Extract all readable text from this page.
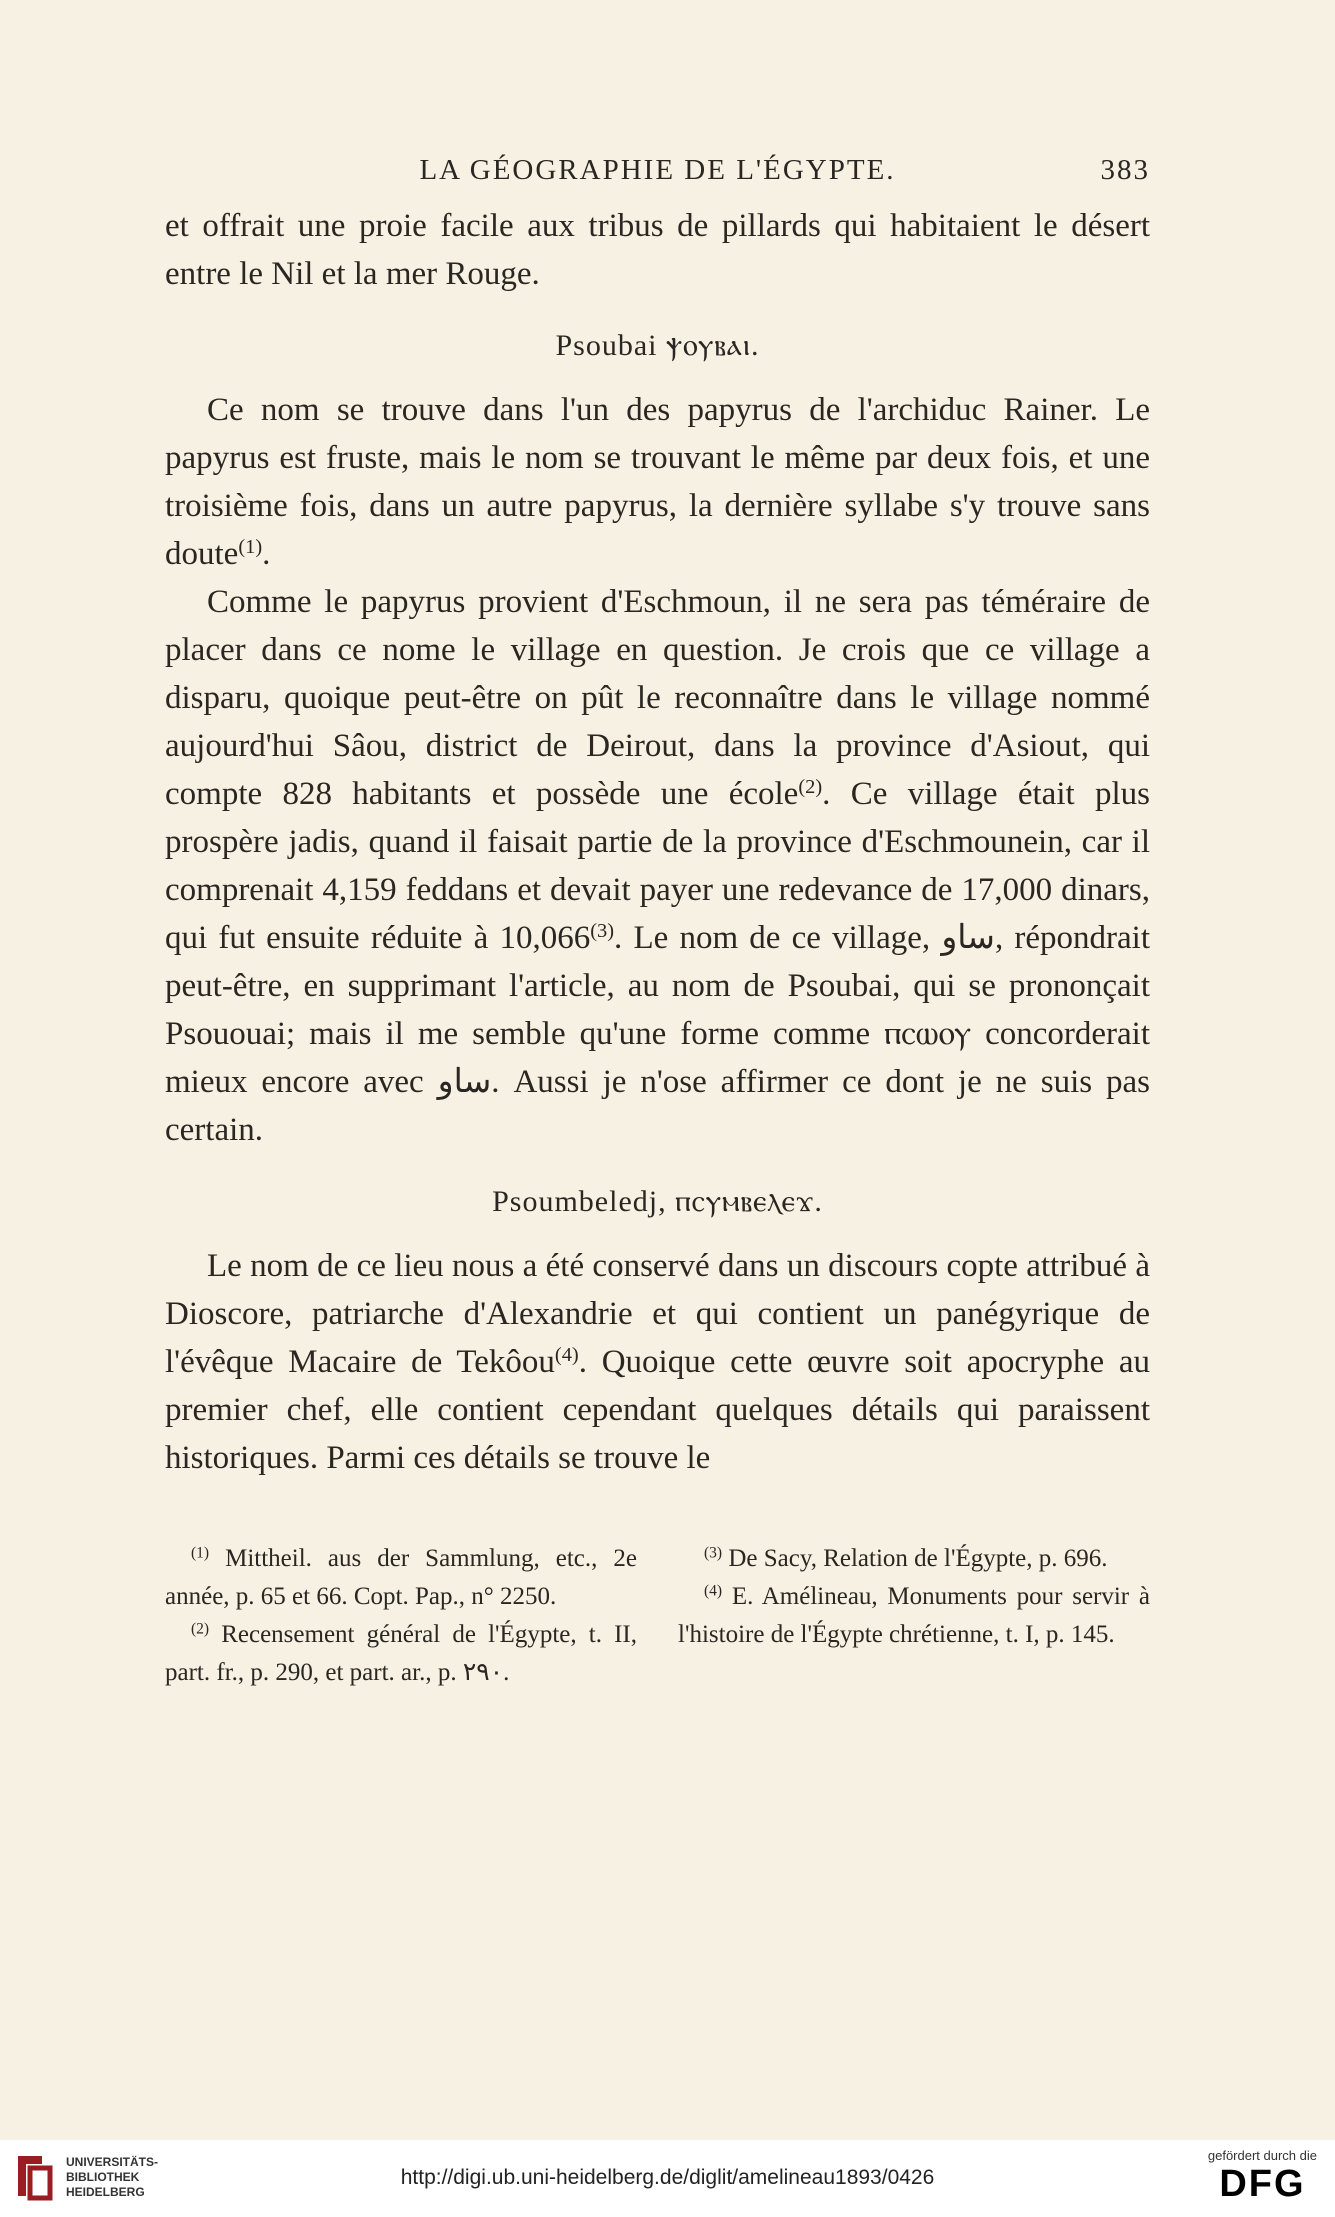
LA GÉOGRAPHIE DE L'ÉGYPTE.	383

et offrait une proie facile aux tribus de pillards qui habitaient le désert entre le Nil et la mer Rouge.

Psoubai ⲯⲟⲩⲃⲁⲓ.

Ce nom se trouve dans l'un des papyrus de l'archiduc Rainer. Le papyrus est fruste, mais le nom se trouvant le même par deux fois, et une troisième fois, dans un autre papyrus, la dernière syllabe s'y trouve sans doute$^{(1)}$.

Comme le papyrus provient d'Eschmoun, il ne sera pas téméraire de placer dans ce nome le village en question. Je crois que ce village a disparu, quoique peut-être on pût le reconnaître dans le village nommé aujourd'hui Sâou, district de Deirout, dans la province d'Asiout, qui compte 828 habitants et possède une école$^{(2)}$. Ce village était plus prospère jadis, quand il faisait partie de la province d'Eschmounein, car il comprenait 4,159 feddans et devait payer une redevance de 17,000 dinars, qui fut ensuite réduite à 10,066$^{(3)}$. Le nom de ce village, ساو, répondrait peut-être, en supprimant l'article, au nom de Psoubai, qui se prononçait Psououai; mais il me semble qu'une forme comme ⲡⲥⲱⲟⲩ concorderait mieux encore avec ساو. Aussi je n'ose affirmer ce dont je ne suis pas certain.

Psoumbeledj, ⲡⲥⲩⲙⲃⲉⲗⲉϫ.

Le nom de ce lieu nous a été conservé dans un discours copte attribué à Dioscore, patriarche d'Alexandrie et qui contient un panégyrique de l'évêque Macaire de Tekôou$^{(4)}$. Quoique cette œuvre soit apocryphe au premier chef, elle contient cependant quelques détails qui paraissent historiques. Parmi ces détails se trouve le

$^{(1)}$ Mittheil. aus der Sammlung, etc., 2e année, p. 65 et 66. Copt. Pap., n° 2250.

$^{(2)}$ Recensement général de l'Égypte, t. II, part. fr., p. 290, et part. ar., p. ٢٩٠.

$^{(3)}$ De Sacy, Relation de l'Égypte, p. 696.

$^{(4)}$ E. Amélineau, Monuments pour servir à l'histoire de l'Égypte chrétienne, t. I, p. 145.

UNIVERSITÄTS-
BIBLIOTHEK
HEIDELBERG
http://digi.ub.uni-heidelberg.de/diglit/amelineau1893/0426
gefördert durch die
DFG
